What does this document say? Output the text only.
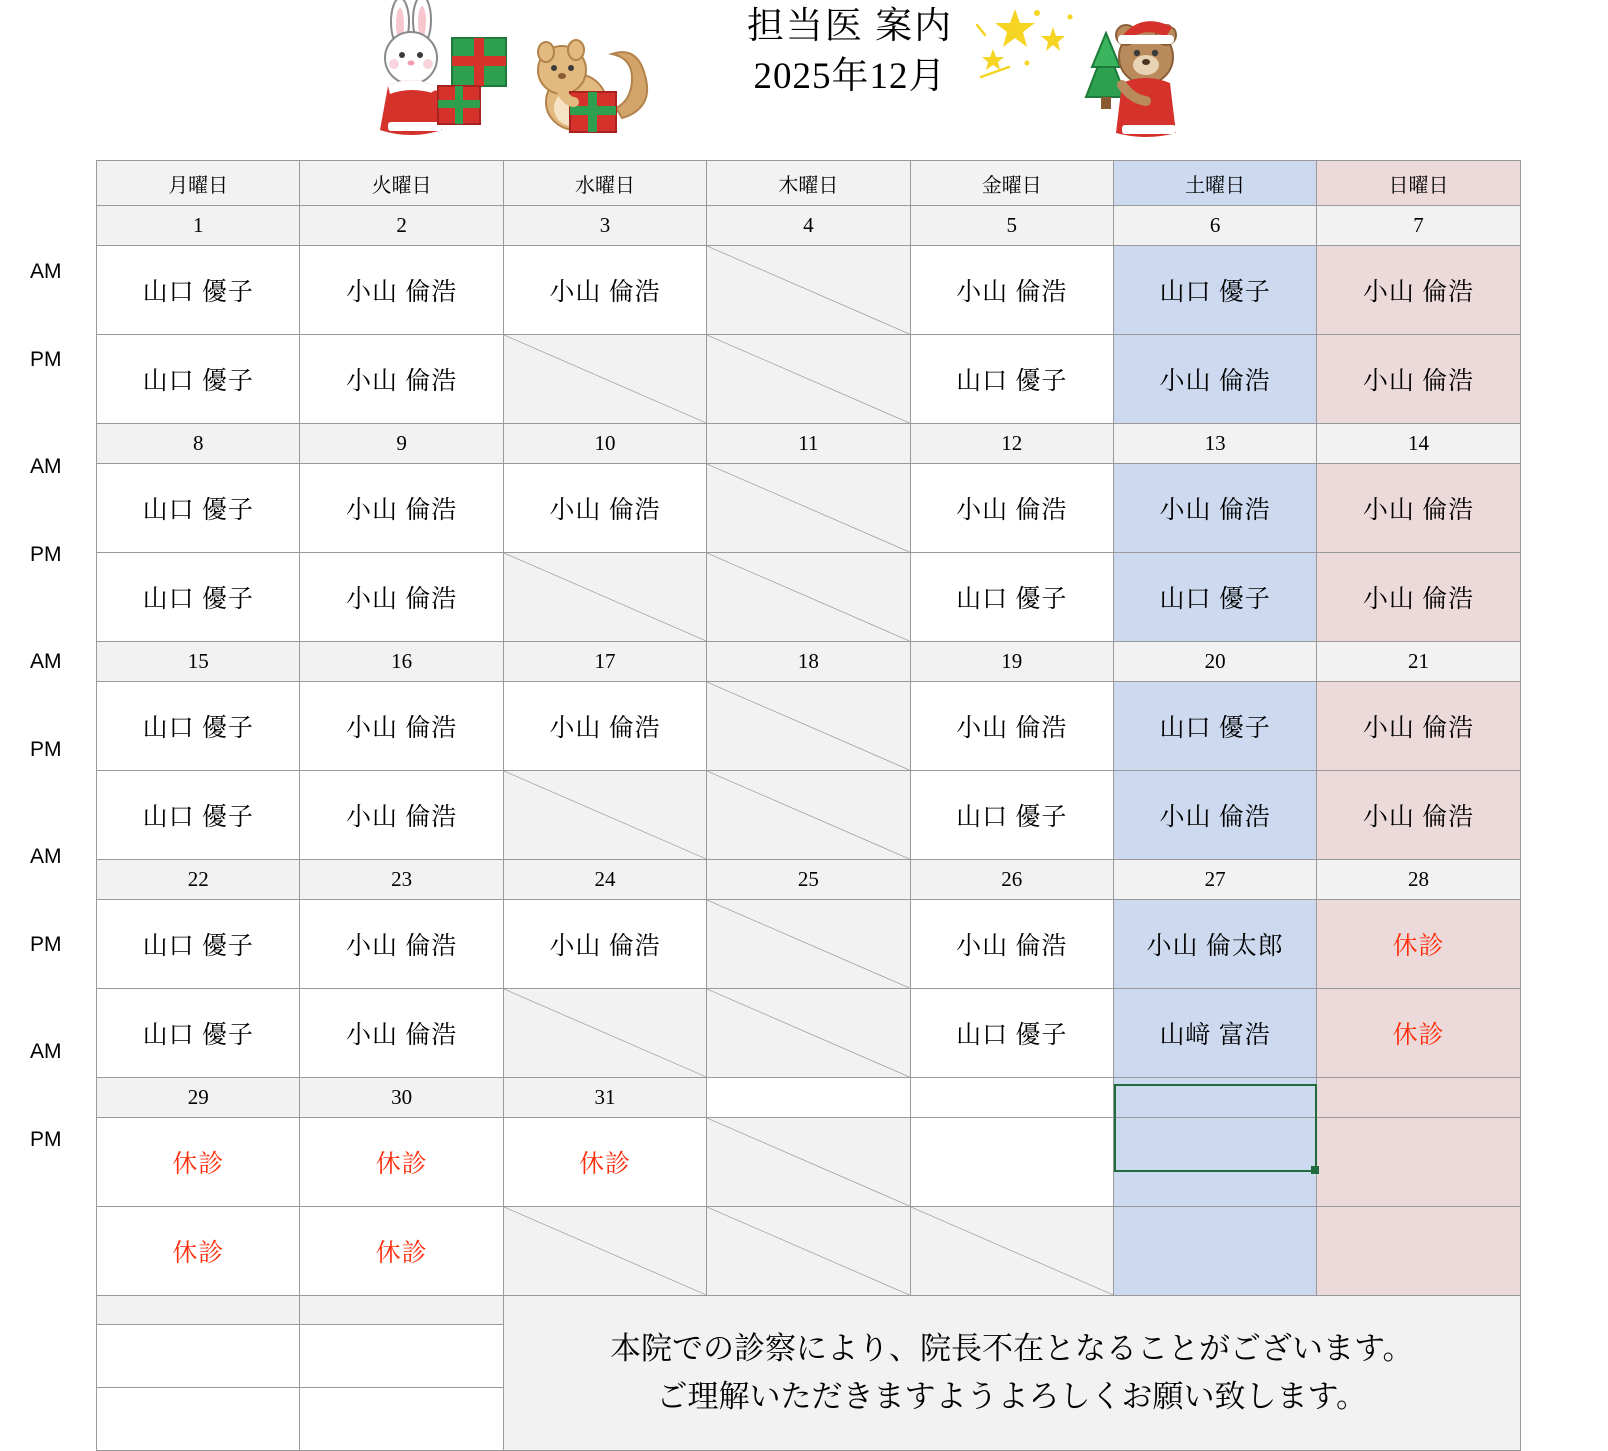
担当医 案内
2025年12月
AM
PM
AM
PM
AM
PM
AM
PM
AM
PM
月曜日	火曜日	水曜日	木曜日	金曜日	土曜日	日曜日
1	2	3	4	5	6	7
山口 優子	小山 倫浩	小山 倫浩		小山 倫浩	山口 優子	小山 倫浩
山口 優子	小山 倫浩			山口 優子	小山 倫浩	小山 倫浩
8	9	10	11	12	13	14
山口 優子	小山 倫浩	小山 倫浩		小山 倫浩	小山 倫浩	小山 倫浩
山口 優子	小山 倫浩			山口 優子	山口 優子	小山 倫浩
15	16	17	18	19	20	21
山口 優子	小山 倫浩	小山 倫浩		小山 倫浩	山口 優子	小山 倫浩
山口 優子	小山 倫浩			山口 優子	小山 倫浩	小山 倫浩
22	23	24	25	26	27	28
山口 優子	小山 倫浩	小山 倫浩		小山 倫浩	小山 倫太郎	休診
山口 優子	小山 倫浩			山口 優子	山﨑 富浩	休診
29	30	31				
休診	休診	休診	

休診	休診	

		本院での診察により、院長不在となることがございます。
ご理解いただきますようよろしくお願い致します。				
